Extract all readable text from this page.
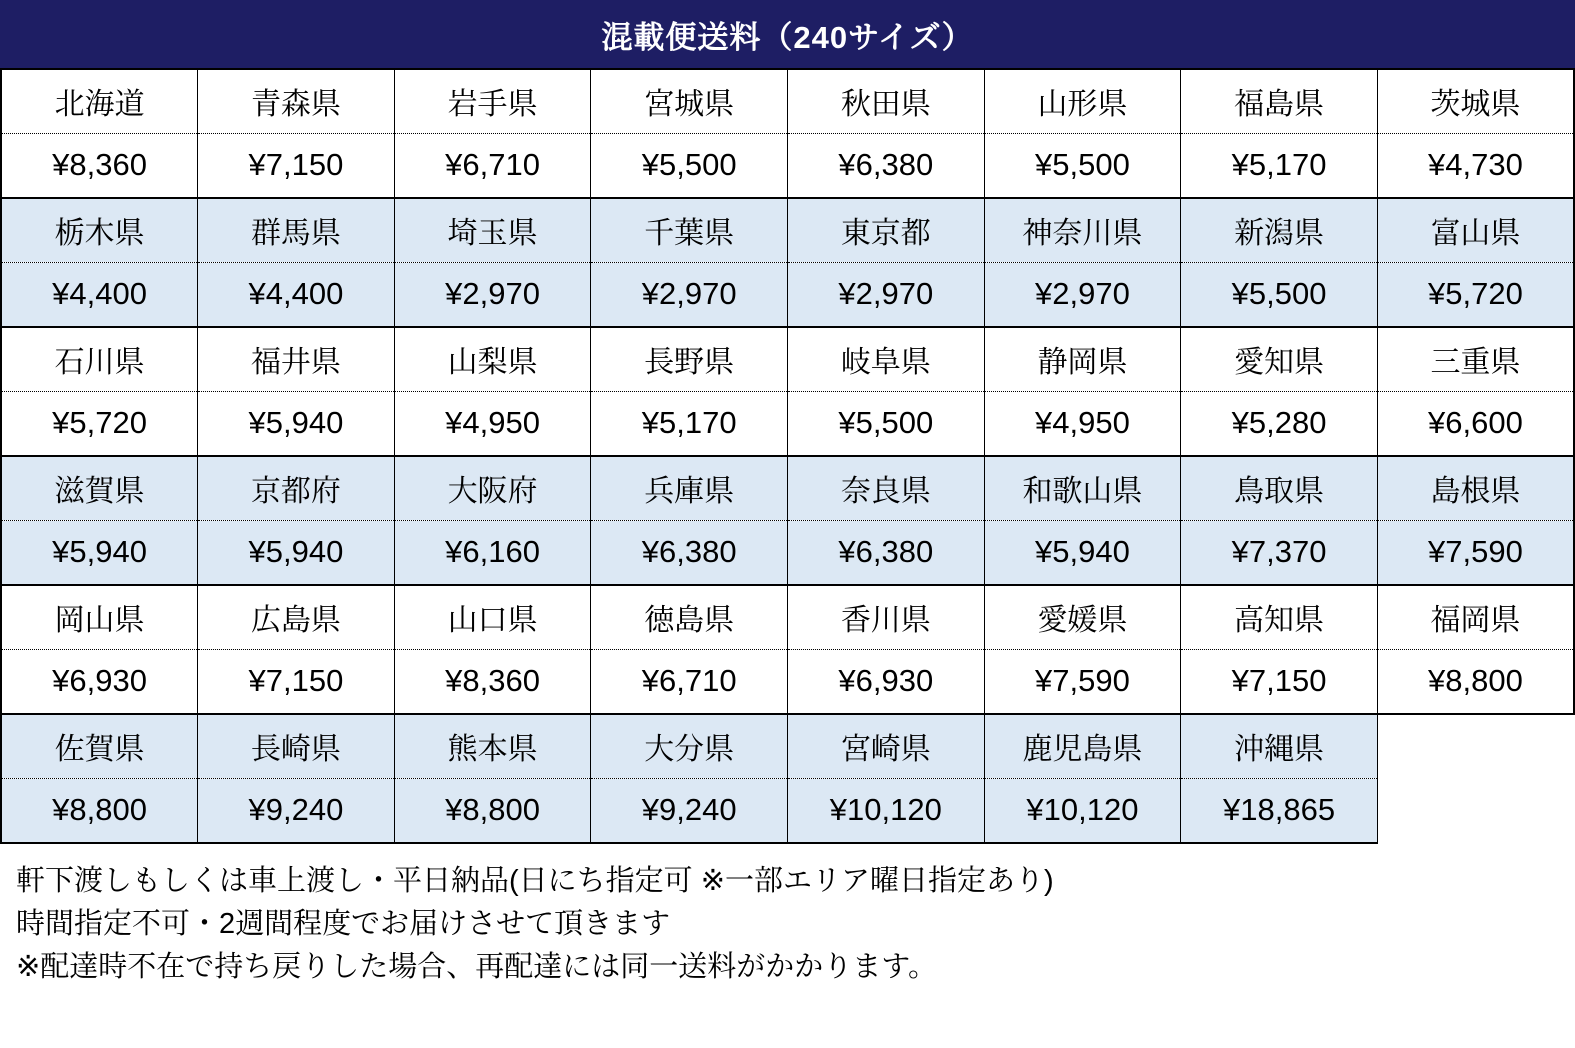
混載便送料（240サイズ）
北海道	青森県	岩手県	宮城県	秋田県	山形県	福島県	茨城県
¥8,360	¥7,150	¥6,710	¥5,500	¥6,380	¥5,500	¥5,170	¥4,730
栃木県	群馬県	埼玉県	千葉県	東京都	神奈川県	新潟県	富山県
¥4,400	¥4,400	¥2,970	¥2,970	¥2,970	¥2,970	¥5,500	¥5,720
石川県	福井県	山梨県	長野県	岐阜県	静岡県	愛知県	三重県
¥5,720	¥5,940	¥4,950	¥5,170	¥5,500	¥4,950	¥5,280	¥6,600
滋賀県	京都府	大阪府	兵庫県	奈良県	和歌山県	鳥取県	島根県
¥5,940	¥5,940	¥6,160	¥6,380	¥6,380	¥5,940	¥7,370	¥7,590
岡山県	広島県	山口県	徳島県	香川県	愛媛県	高知県	福岡県
¥6,930	¥7,150	¥8,360	¥6,710	¥6,930	¥7,590	¥7,150	¥8,800
佐賀県	長崎県	熊本県	大分県	宮崎県	鹿児島県	沖縄県	
¥8,800	¥9,240	¥8,800	¥9,240	¥10,120	¥10,120	¥18,865	

軒下渡しもしくは車上渡し・平日納品(日にち指定可 ※一部エリア曜日指定あり)

時間指定不可・2週間程度でお届けさせて頂きます

※配達時不在で持ち戻りした場合、再配達には同一送料がかかります。
